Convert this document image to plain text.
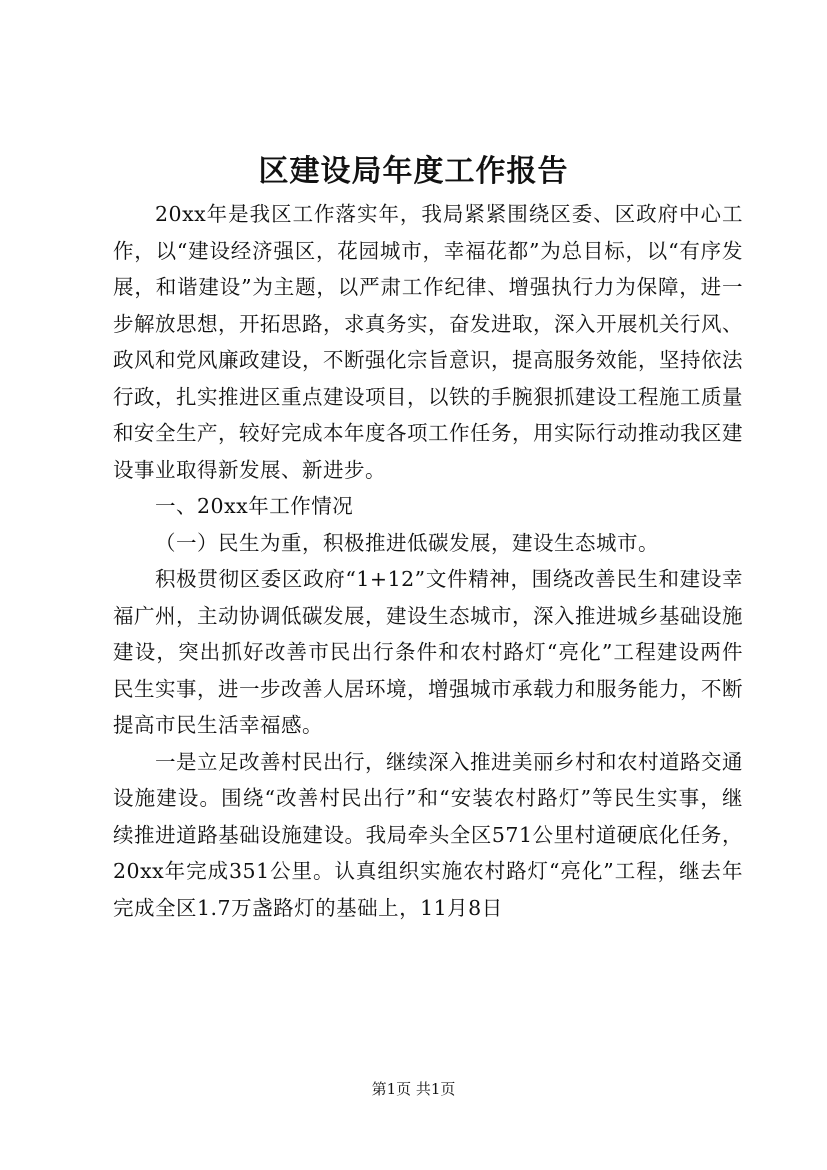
区建设局年度工作报告

20xx年是我区工作落实年，我局紧紧围绕区委、区政府中心工作，以“建设经济强区，花园城市，幸福花都”为总目标，以“有序发展，和谐建设”为主题，以严肃工作纪律、增强执行力为保障，进一步解放思想，开拓思路，求真务实，奋发进取，深入开展机关行风、政风和党风廉政建设，不断强化宗旨意识，提高服务效能，坚持依法行政，扎实推进区重点建设项目，以铁的手腕狠抓建设工程施工质量和安全生产，较好完成本年度各项工作任务，用实际行动推动我区建设事业取得新发展、新进步。

一、20xx年工作情况

（一）民生为重，积极推进低碳发展，建设生态城市。

积极贯彻区委区政府“1+12”文件精神，围绕改善民生和建设幸福广州，主动协调低碳发展，建设生态城市，深入推进城乡基础设施建设，突出抓好改善市民出行条件和农村路灯“亮化”工程建设两件民生实事，进一步改善人居环境，增强城市承载力和服务能力，不断提高市民生活幸福感。

一是立足改善村民出行，继续深入推进美丽乡村和农村道路交通设施建设。围绕“改善村民出行”和“安装农村路灯”等民生实事，继续推进道路基础设施建设。我局牵头全区571公里村道硬底化任务，20xx年完成351公里。认真组织实施农村路灯“亮化”工程，继去年完成全区1.7万盏路灯的基础上，11月8日

第1页 共1页
